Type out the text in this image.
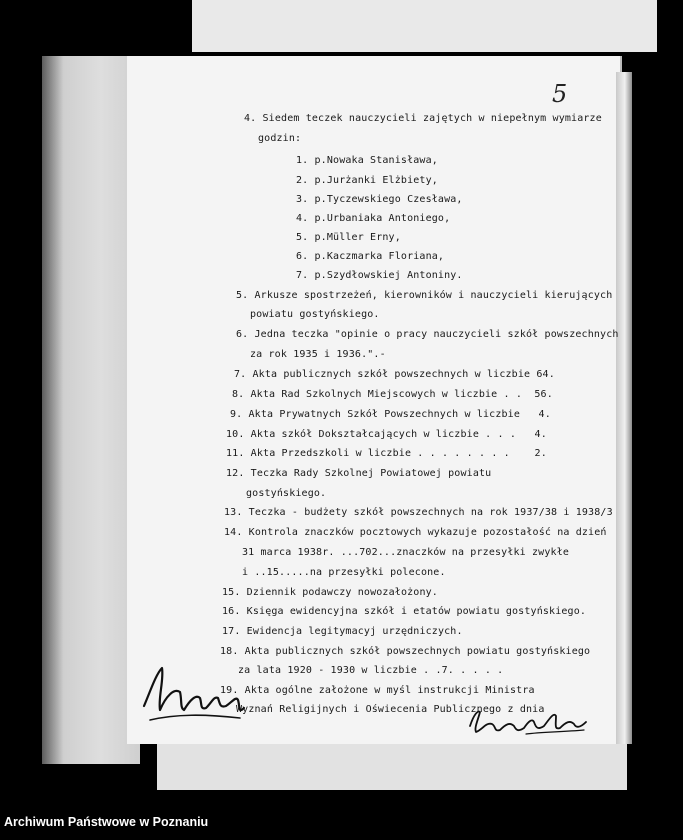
5
4. Siedem teczek nauczycieli zajętych w niepełnym wymiarze
godzin:
1. p.Nowaka Stanisława,
2. p.Jurżanki Elżbiety,
3. p.Tyczewskiego Czesława,
4. p.Urbaniaka Antoniego,
5. p.Müller Erny,
6. p.Kaczmarka Floriana,
7. p.Szydłowskiej Antoniny.
5. Arkusze spostrzeżeń, kierowników i nauczycieli kierujących
powiatu gostyńskiego.
6. Jedna teczka "opinie o pracy nauczycieli szkół powszechnych
za rok 1935 i 1936.".-
7. Akta publicznych szkół powszechnych w liczbie 64.
8. Akta Rad Szkolnych Miejscowych w liczbie . .  56.
9. Akta Prywatnych Szkół Powszechnych w liczbie   4.
10. Akta szkół Dokształcających w liczbie . . .   4.
11. Akta Przedszkoli w liczbie . . . . . . . .    2.
12. Teczka Rady Szkolnej Powiatowej powiatu
gostyńskiego.
13. Teczka - budżety szkół powszechnych na rok 1937/38 i 1938/3
14. Kontrola znaczków pocztowych wykazuje pozostałość na dzień
31 marca 1938r. ...702...znaczków na przesyłki zwykłe
i ..15.....na przesyłki polecone.
15. Dziennik podawczy nowozałożony.
16. Księga ewidencyjna szkół i etatów powiatu gostyńskiego.
17. Ewidencja legitymacyj urzędniczych.
18. Akta publicznych szkół powszechnych powiatu gostyńskiego
za lata 1920 - 1930 w liczbie . .7. . . . .
19. Akta ogólne założone w myśl instrukcji Ministra
Wyznań Religijnych i Oświecenia Publicznego z dnia
Archiwum Państwowe w Poznaniu
